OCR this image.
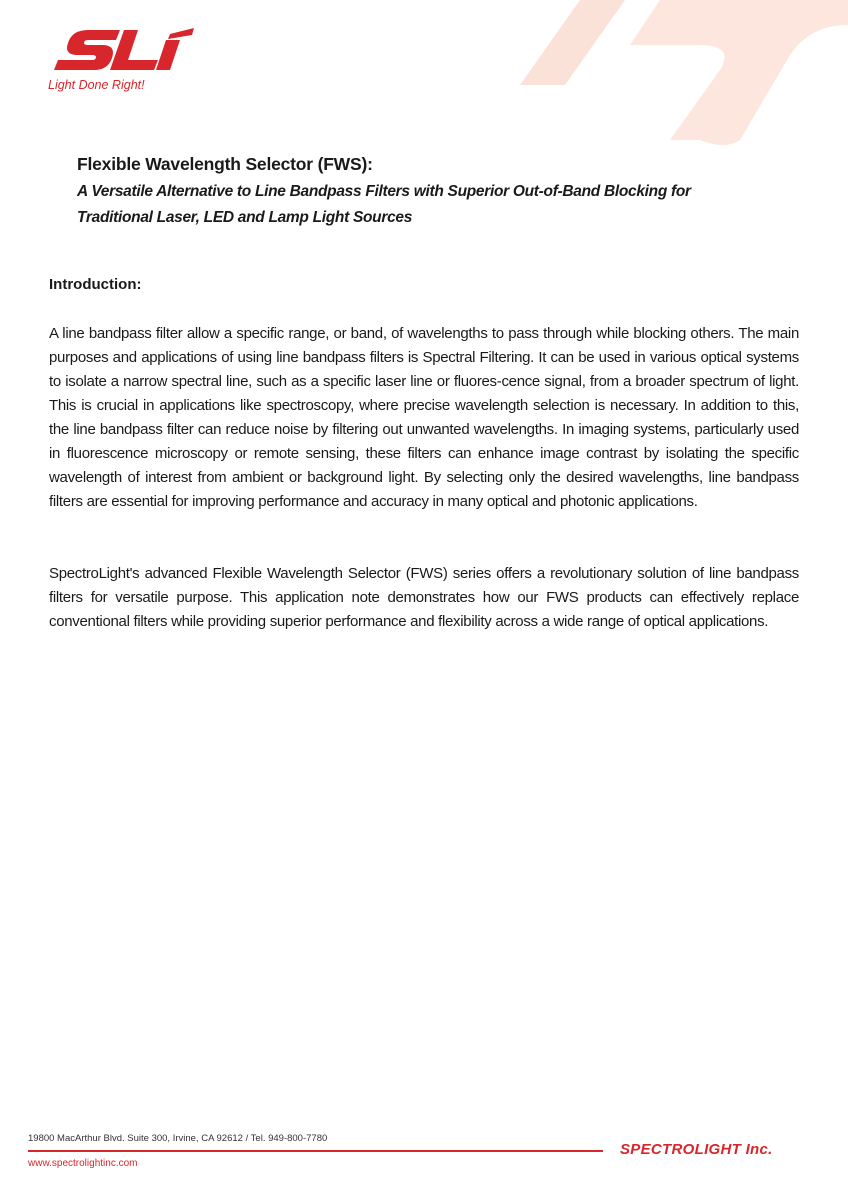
Light Done Right!
Flexible Wavelength Selector (FWS):

A Versatile Alternative to Line Bandpass Filters with Superior Out-of-Band Blocking for
Traditional Laser, LED and Lamp Light Sources

Introduction:

A line bandpass filter allow a specific range, or band, of wavelengths to pass through while blocking others. The main purposes and applications of using line bandpass filters is Spectral Filtering. It can be used in various optical systems to isolate a narrow spectral line, such as a specific laser line or fluores-cence signal, from a broader spectrum of light. This is crucial in applications like spectroscopy, where precise wavelength selection is necessary. In addition to this, the line bandpass filter can reduce noise by filtering out unwanted wavelengths. In imaging systems, particularly used in fluorescence microscopy or remote sensing, these filters can enhance image contrast by isolating the specific wavelength of interest from ambient or background light. By selecting only the desired wavelengths, line bandpass filters are essential for improving performance and accuracy in many optical and photonic applications.

SpectroLight's advanced Flexible Wavelength Selector (FWS) series offers a revolutionary solution of line bandpass filters for versatile purpose. This application note demonstrates how our FWS products can effectively replace conventional filters while providing superior performance and flexibility across a wide range of optical applications.

19800 MacArthur Blvd. Suite 300, Irvine, CA 92612 / Tel. 949-800-7780
www.spectrolightinc.com
SPECTROLIGHT Inc.
